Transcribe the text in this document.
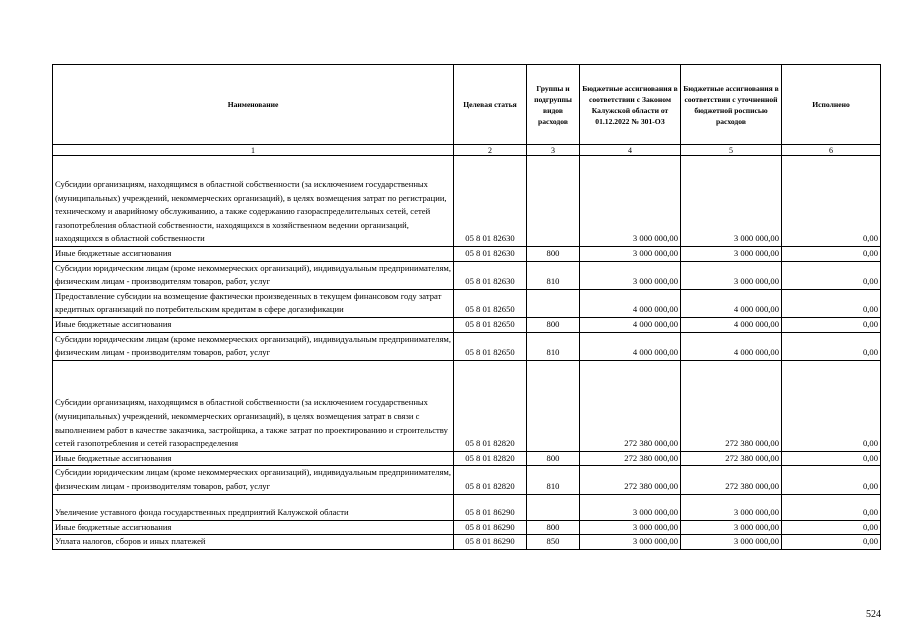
Наименование	Целевая статья	Группы и подгруппы видов расходов	Бюджетные ассигнования в соответствии с Законом Калужской области от 01.12.2022 № 301-ОЗ	Бюджетные ассигнования в соответствии с уточненной бюджетной росписью расходов	Исполнено
1	2	3	4	5	6
Субсидии организациям, находящимся в областной собственности (за исключением государственных (муниципальных) учреждений, некоммерческих организаций), в целях возмещения затрат по регистрации, техническому и аварийному обслуживанию, а также содержанию газораспределительных сетей, сетей газопотребления областной собственности, находящихся в хозяйственном ведении организаций, находящихся в областной собственности	05 8 01 82630		3 000 000,00	3 000 000,00	0,00
Иные бюджетные ассигнования	05 8 01 82630	800	3 000 000,00	3 000 000,00	0,00
Субсидии юридическим лицам (кроме некоммерческих организаций), индивидуальным предпринимателям, физическим лицам - производителям товаров, работ, услуг	05 8 01 82630	810	3 000 000,00	3 000 000,00	0,00
Предоставление субсидии на возмещение фактически произведенных в текущем финансовом году затрат кредитных организаций по потребительским кредитам в сфере догазификации	05 8 01 82650		4 000 000,00	4 000 000,00	0,00
Иные бюджетные ассигнования	05 8 01 82650	800	4 000 000,00	4 000 000,00	0,00
Субсидии юридическим лицам (кроме некоммерческих организаций), индивидуальным предпринимателям, физическим лицам - производителям товаров, работ, услуг	05 8 01 82650	810	4 000 000,00	4 000 000,00	0,00
Субсидии организациям, находящимся в областной собственности (за исключением государственных (муниципальных) учреждений, некоммерческих организаций), в целях возмещения затрат в связи с выполнением работ в качестве заказчика, застройщика, а также затрат по проектированию и строительству сетей газопотребления и сетей газораспределения	05 8 01 82820		272 380 000,00	272 380 000,00	0,00
Иные бюджетные ассигнования	05 8 01 82820	800	272 380 000,00	272 380 000,00	0,00
Субсидии юридическим лицам (кроме некоммерческих организаций), индивидуальным предпринимателям, физическим лицам - производителям товаров, работ, услуг	05 8 01 82820	810	272 380 000,00	272 380 000,00	0,00
Увеличение уставного фонда государственных предприятий Калужской области	05 8 01 86290		3 000 000,00	3 000 000,00	0,00
Иные бюджетные ассигнования	05 8 01 86290	800	3 000 000,00	3 000 000,00	0,00
Уплата налогов, сборов и иных платежей	05 8 01 86290	850	3 000 000,00	3 000 000,00	0,00
524
